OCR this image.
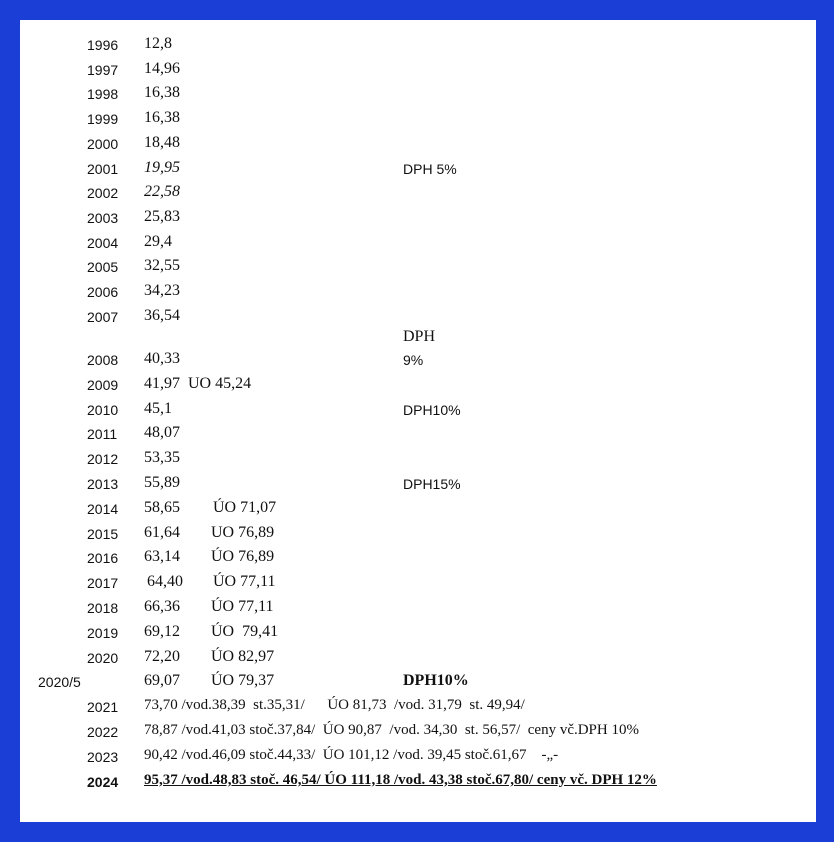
1996 12,8
1997 14,96
1998 16,38
1999 16,38
2000 18,48
2001 19,95	DPH 5%
2002 22,58
2003 25,83
2004 29,4
2005 32,55
2006 34,23
2007 36,54
DPH
2008 40,33	9%
2009 41,97  UO 45,24
2010 45,1	DPH10%
2011 48,07
2012 53,35
2013 55,89	DPH15%
2014 58,65 ÚO 71,07
2015 61,64 UO 76,89
2016 63,14 ÚO 76,89
2017 64,40 ÚO 77,11
2018 66,36 ÚO 77,11
2019 69,12 ÚO  79,41
2020 72,20 ÚO 82,97
2020/5	69,07 ÚO 79,37	DPH10%
2021 73,70 /vod.38,39  st.35,31/      ÚO 81,73  /vod. 31,79  st. 49,94/
2022 78,87 /vod.41,03 stoč.37,84/  ÚO 90,87  /vod. 34,30  st. 56,57/  ceny vč.DPH 10%
2023 90,42 /vod.46,09 stoč.44,33/  ÚO 101,12 /vod. 39,45 stoč.61,67    -„-
2024 95,37 /vod.48,83 stoč. 46,54/ ÚO 111,18 /vod. 43,38 stoč.67,80/ ceny vč. DPH 12%
